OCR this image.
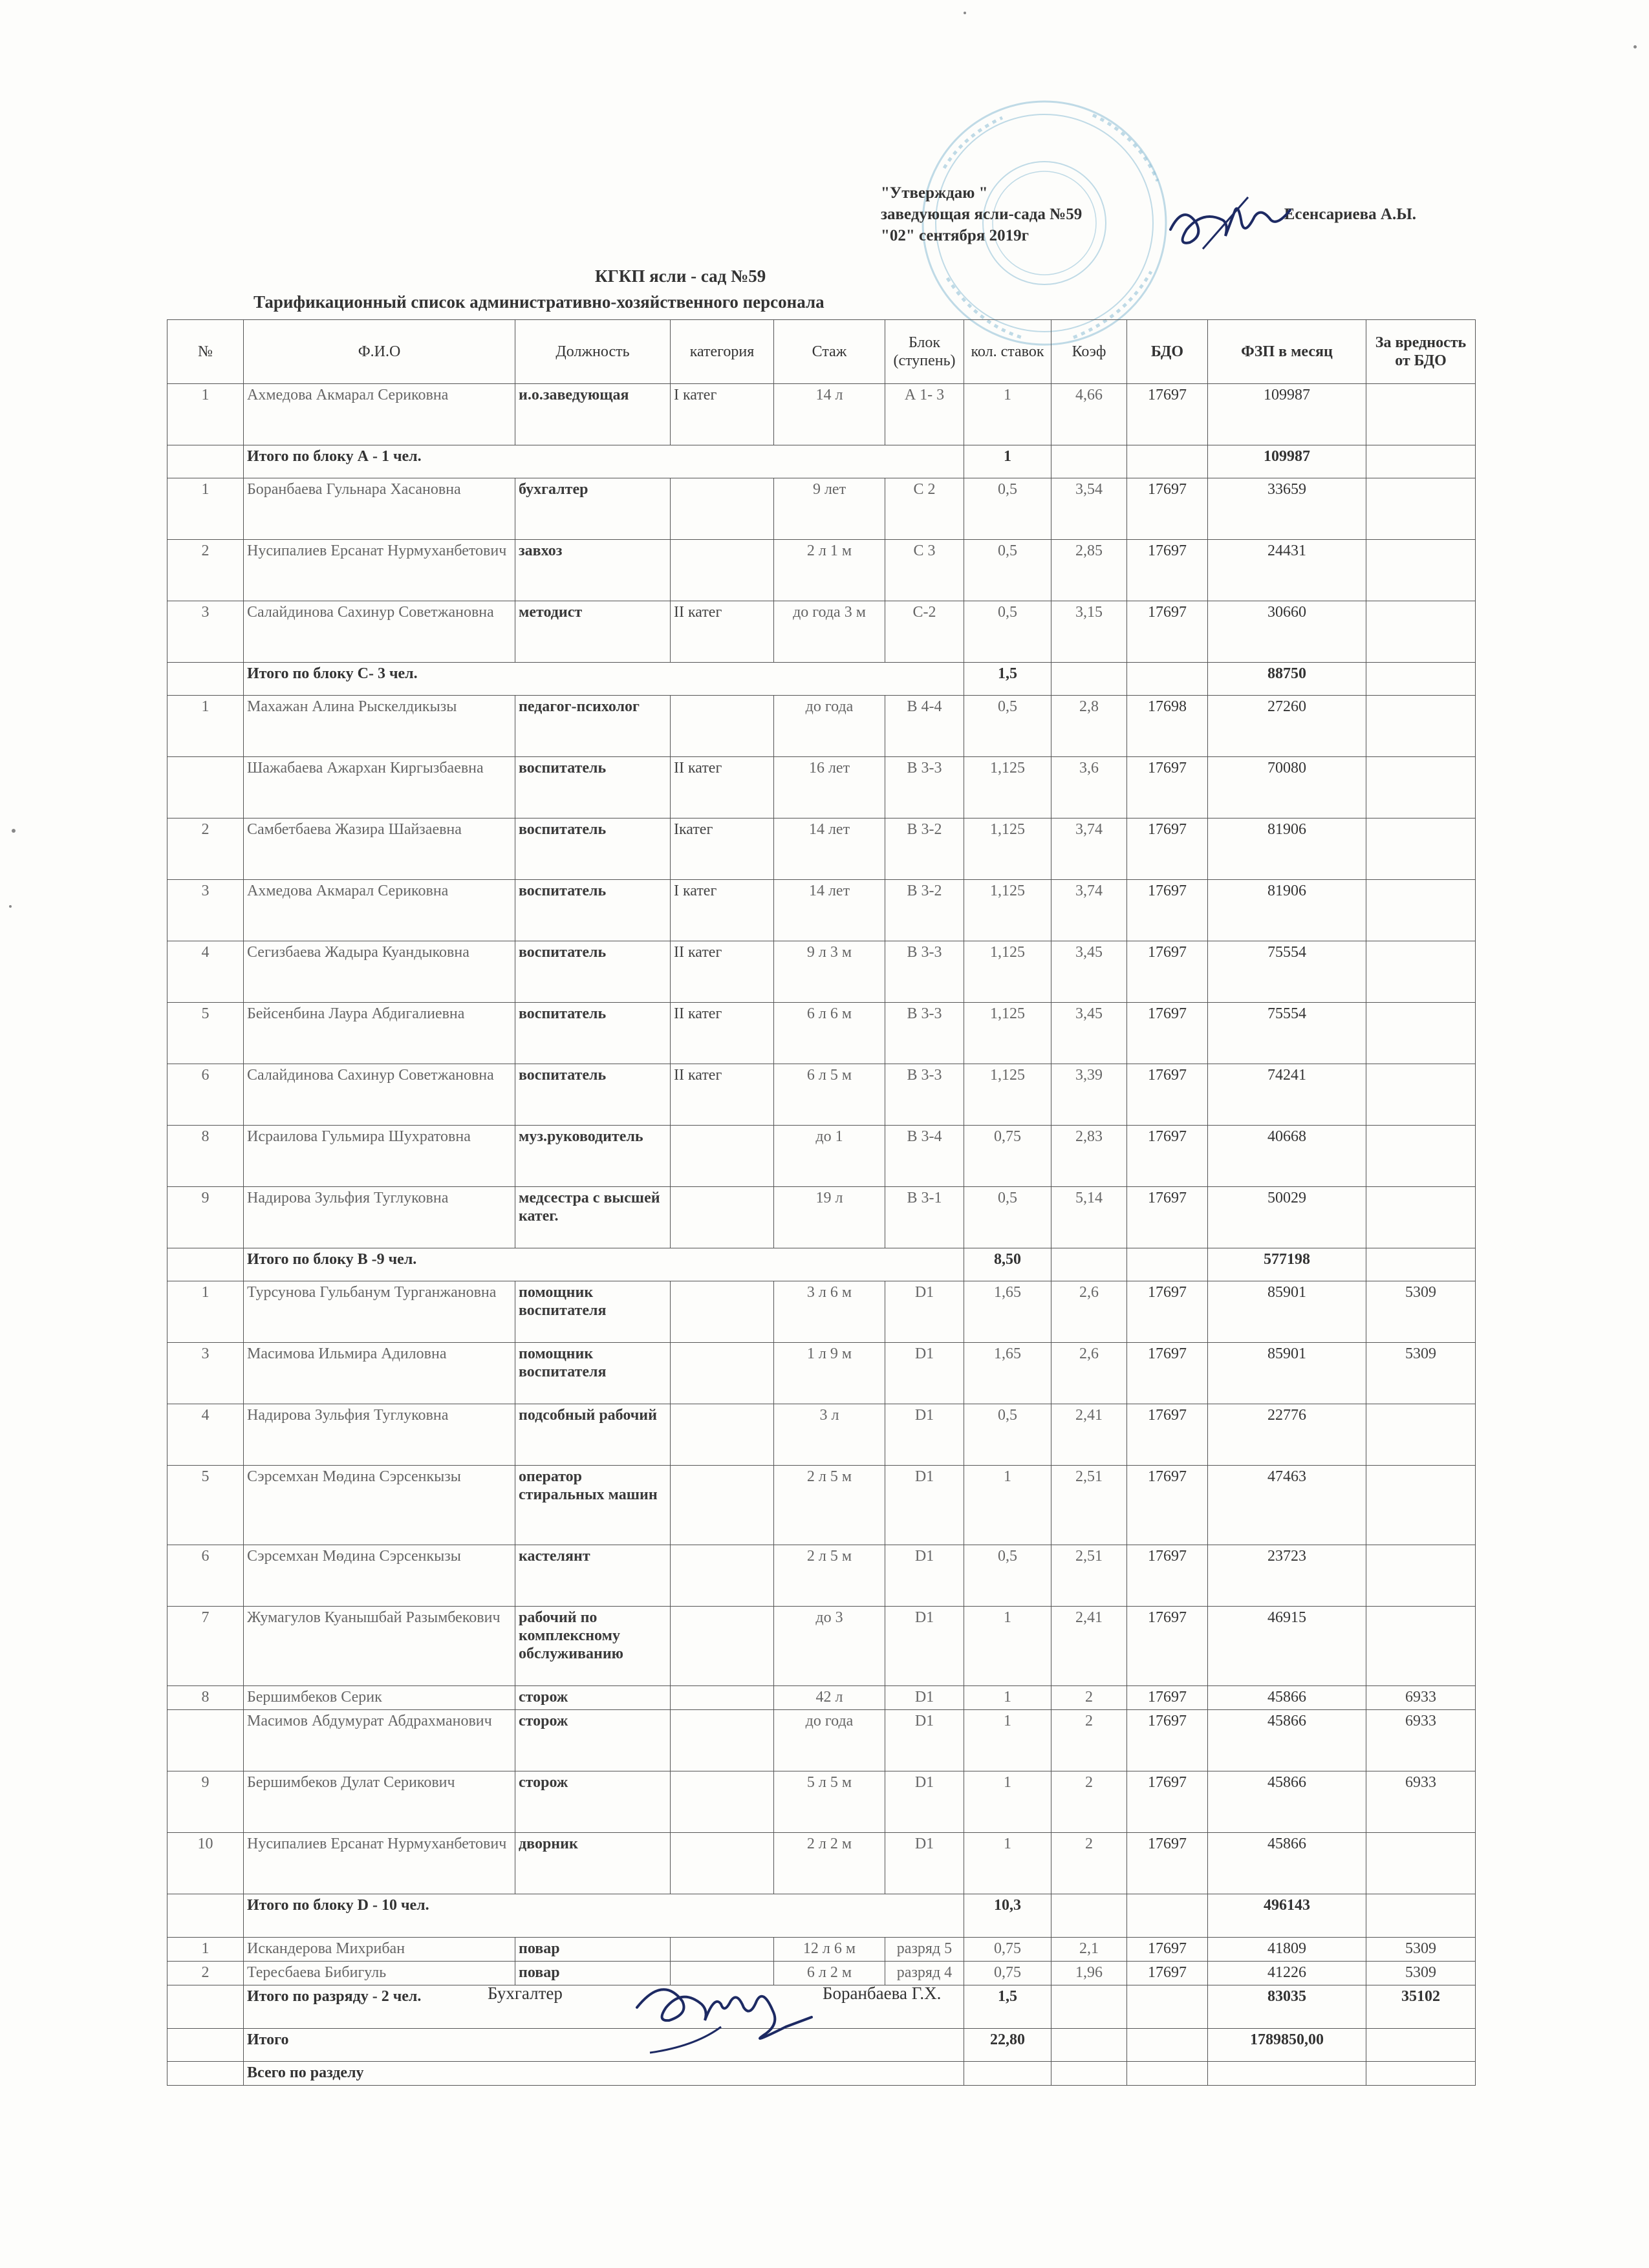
"Утверждаю "
заведующая ясли-сада №59	Есенсариева А.Ы.
"02" сентября 2019г
КГКП ясли - сад №59
Тарификационный список административно-хозяйственного персонала
№	Ф.И.О	Должность	категория	Стаж	Блок (ступень)	кол. ставок	Коэф	БДО	ФЗП в месяц	За вредность от БДО
1	Ахмедова Акмарал Сериковна	и.о.заведующая	I катег	14 л	А 1- 3	1	4,66	17697	109987	
	Итого по блоку А - 1 чел.					1			109987	
1	Боранбаева Гульнара Хасановна	бухгалтер		9 лет	С 2	0,5	3,54	17697	33659	
2	Нусипалиев Ерсанат Нурмуханбетович	завхоз		2 л 1 м	С 3	0,5	2,85	17697	24431	
3	Салайдинова Сахинур Советжановна	методист	II катег	до года 3 м	С-2	0,5	3,15	17697	30660	
	Итого по блоку С- 3 чел.					1,5			88750	
1	Махажан Алина Рыскелдикызы	педагог-психолог		до года	В 4-4	0,5	2,8	17698	27260	
	Шажабаева Ажархан Киргызбаевна	воспитатель	II катег	16 лет	В 3-3	1,125	3,6	17697	70080	
2	Самбетбаева Жазира Шайзаевна	воспитатель	Iкатег	14 лет	В 3-2	1,125	3,74	17697	81906	
3	Ахмедова Акмарал Сериковна	воспитатель	I катег	14 лет	В 3-2	1,125	3,74	17697	81906	
4	Сегизбаева Жадыра Куандыковна	воспитатель	II катег	9 л 3 м	В 3-3	1,125	3,45	17697	75554	
5	Бейсенбина Лаура Абдигалиевна	воспитатель	II катег	6 л 6 м	В 3-3	1,125	3,45	17697	75554	
6	Салайдинова Сахинур Советжановна	воспитатель	II катег	6 л 5 м	В 3-3	1,125	3,39	17697	74241	
8	Исраилова Гульмира Шухратовна	муз.руководитель		до 1	В 3-4	0,75	2,83	17697	40668	
9	Надирова Зульфия Туглуковна	медсестра с высшей катег.		19 л	В 3-1	0,5	5,14	17697	50029	
	Итого по блоку В -9 чел.					8,50			577198	
1	Турсунова Гульбанум Турганжановна	помощник воспитателя		3 л 6 м	D1	1,65	2,6	17697	85901	5309
3	Масимова Ильмира Адиловна	помощник воспитателя		1 л 9 м	D1	1,65	2,6	17697	85901	5309
4	Надирова Зульфия Туглуковна	подсобный рабочий		3 л	D1	0,5	2,41	17697	22776	
5	Сэрсемхан Мөдина Сэрсенкызы	оператор стиральных машин		2 л 5 м	D1	1	2,51	17697	47463	
6	Сэрсемхан Мөдина Сэрсенкызы	кастелянт		2 л 5 м	D1	0,5	2,51	17697	23723	
7	Жумагулов Куанышбай Разымбекович	рабочий по комплексному обслуживанию		до 3	D1	1	2,41	17697	46915	
8	Бершимбеков Серик	сторож		42 л	D1	1	2	17697	45866	6933
	Масимов Абдумурат Абдрахманович	сторож		до года	D1	1	2	17697	45866	6933
9	Бершимбеков Дулат Серикович	сторож		5 л 5 м	D1	1	2	17697	45866	6933
10	Нусипалиев Ерсанат Нурмуханбетович	дворник		2 л 2 м	D1	1	2	17697	45866	
	Итого по блоку D - 10 чел.					10,3			496143	
1	Искандерова Михрибан	повар		12 л 6 м	разряд 5	0,75	2,1	17697	41809	5309
2	Тересбаева Бибигуль	повар		6 л 2 м	разряд 4	0,75	1,96	17697	41226	5309
	Итого по разряду - 2 чел.					1,5			83035	35102
	Итого					22,80			1789850,00	
	Всего по разделу									
Бухгалтер	Боранбаева Г.Х.
